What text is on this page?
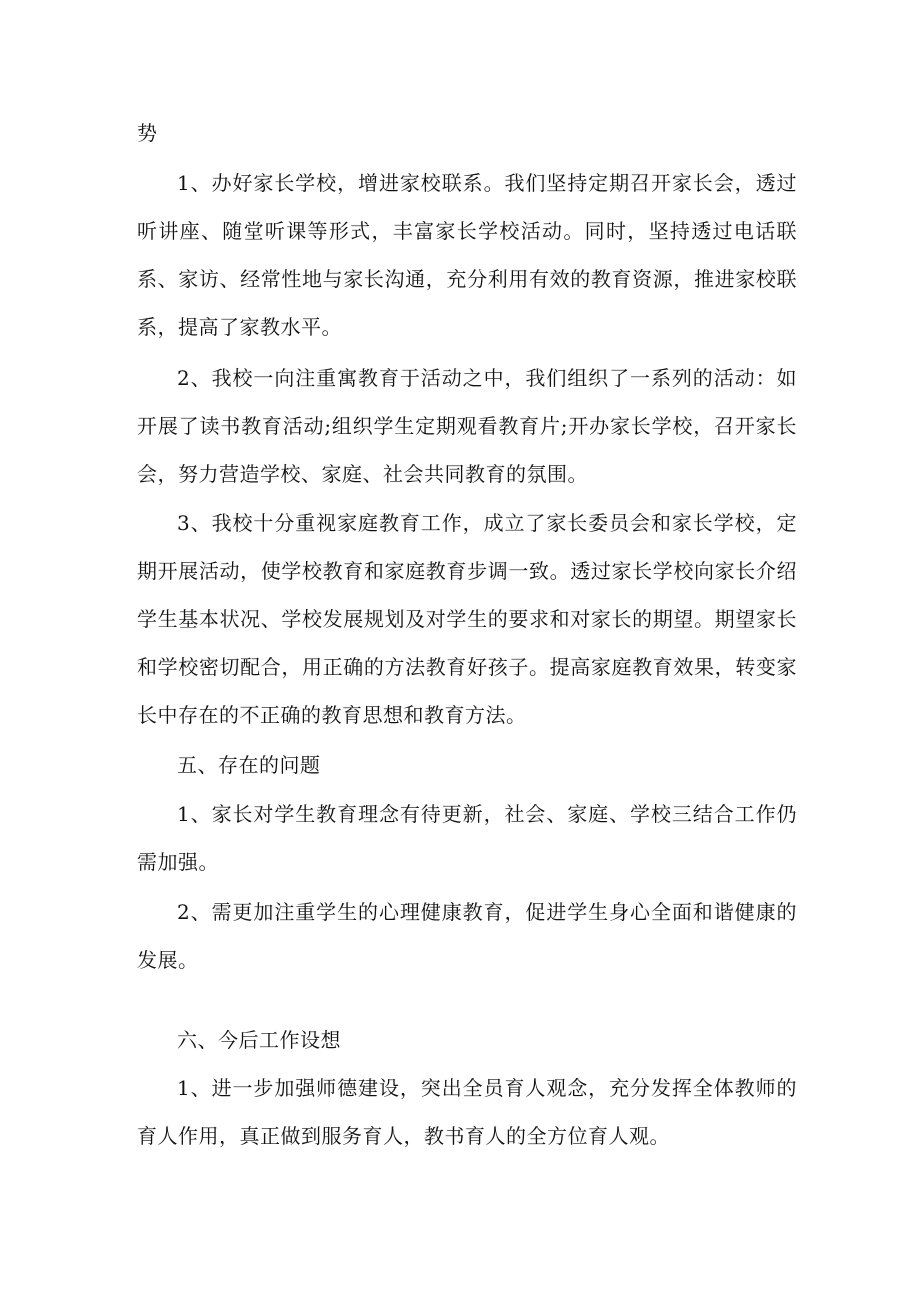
势

1、办好家长学校，增进家校联系。我们坚持定期召开家长会，透过听讲座、随堂听课等形式，丰富家长学校活动。同时，坚持透过电话联系、家访、经常性地与家长沟通，充分利用有效的教育资源，推进家校联系，提高了家教水平。

2、我校一向注重寓教育于活动之中，我们组织了一系列的活动：如开展了读书教育活动;组织学生定期观看教育片;开办家长学校，召开家长会，努力营造学校、家庭、社会共同教育的氛围。

3、我校十分重视家庭教育工作，成立了家长委员会和家长学校，定期开展活动，使学校教育和家庭教育步调一致。透过家长学校向家长介绍学生基本状况、学校发展规划及对学生的要求和对家长的期望。期望家长和学校密切配合，用正确的方法教育好孩子。提高家庭教育效果，转变家长中存在的不正确的教育思想和教育方法。

五、存在的问题

1、家长对学生教育理念有待更新，社会、家庭、学校三结合工作仍需加强。

2、需更加注重学生的心理健康教育，促进学生身心全面和谐健康的发展。

六、今后工作设想

1、进一步加强师德建设，突出全员育人观念，充分发挥全体教师的育人作用，真正做到服务育人，教书育人的全方位育人观。
